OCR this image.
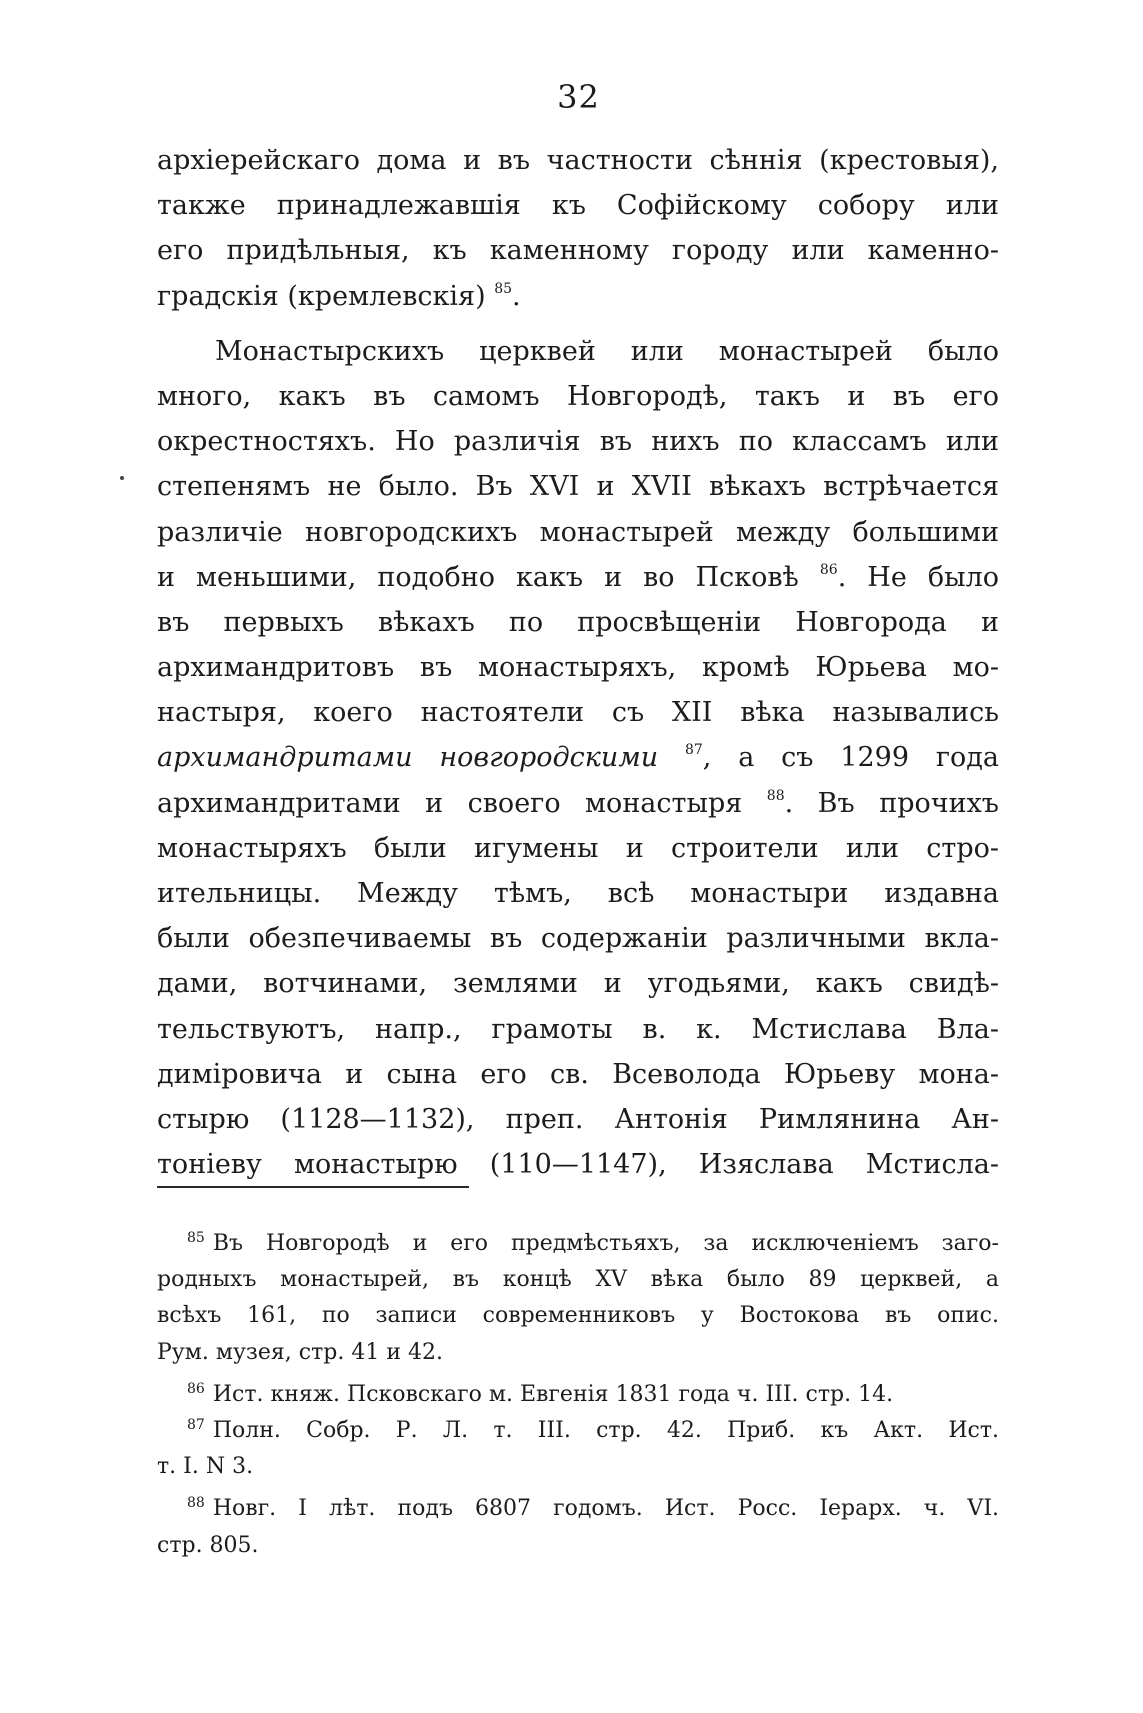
32
архіерейскаго дома и въ частности сѣннія (крестовыя),
также принадлежавшія къ Софійскому собору или
его придѣльныя, къ каменному городу или каменно-
градскія (кремлевскія) $^{85}$.
Монастырскихъ церквей или монастырей было
много, какъ въ самомъ Новгородѣ, такъ и въ его
окрестностяхъ. Но различія въ нихъ по классамъ или
степенямъ не было. Въ XVI и XVII вѣкахъ встрѣчается
различіе новгородскихъ монастырей между большими
и меньшими, подобно какъ и во Псковѣ $^{86}$. Не было
въ первыхъ вѣкахъ по просвѣщеніи Новгорода и
архимандритовъ въ монастыряхъ, кромѣ Юрьева мо-
настыря, коего настоятели съ XII вѣка назывались
архимандритами новгородскими $^{87}$, а съ 1299 года
архимандритами и своего монастыря $^{88}$. Въ прочихъ
монастыряхъ были игумены и строители или стро-
ительницы. Между тѣмъ, всѣ монастыри издавна
были обезпечиваемы въ содержаніи различными вкла-
дами, вотчинами, землями и угодьями, какъ свидѣ-
тельствуютъ, напр., грамоты в. к. Мстислава Вла-
диміровича и сына его св. Всеволода Юрьеву мона-
стырю (1128—1132), преп. Антонія Римлянина Ан-
тоніеву монастырю (110—1147), Изяслава Мстисла-
$^{85}$ Въ Новгородѣ и его предмѣстьяхъ, за исключеніемъ заго-
родныхъ монастырей, въ концѣ XV вѣка было 89 церквей, а
всѣхъ 161, по записи современниковъ у Востокова въ опис.
Рум. музея, стр. 41 и 42.
$^{86}$ Ист. княж. Псковскаго м. Евгенія 1831 года ч. III. стр. 14.
$^{87}$ Полн. Собр. Р. Л. т. III. стр. 42. Приб. къ Акт. Ист.
т. I. N 3.
$^{88}$ Новг. I лѣт. подъ 6807 годомъ. Ист. Росс. Іерарх. ч. VI.
стр. 805.
